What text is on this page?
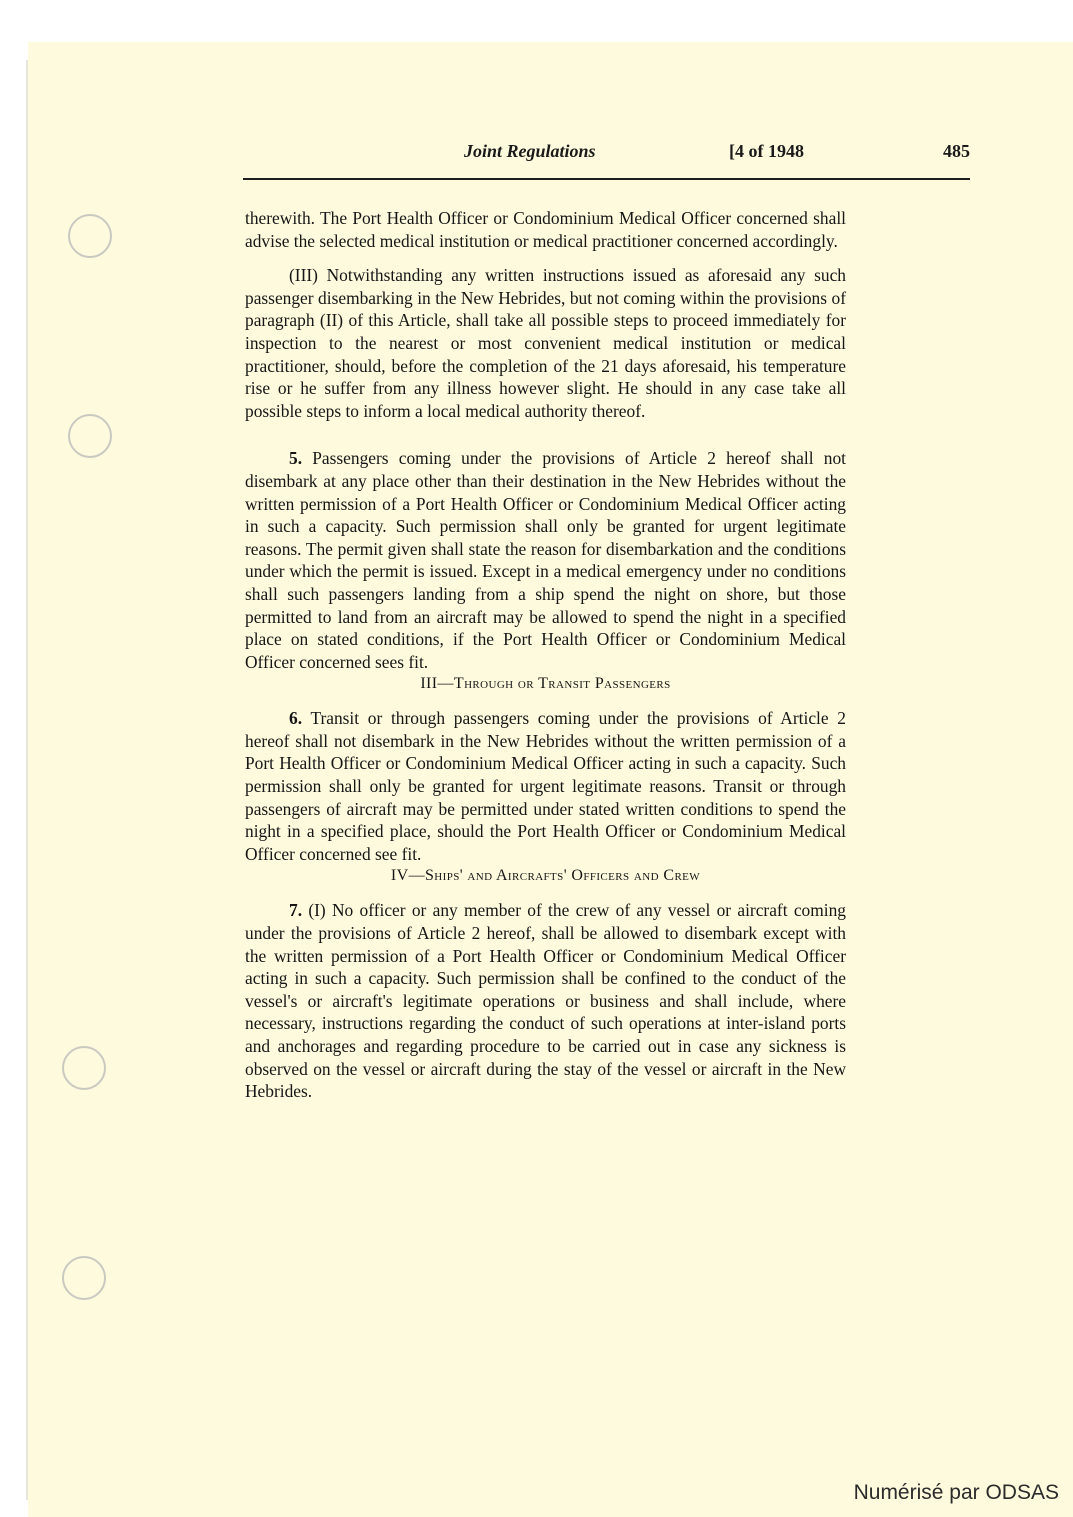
Joint Regulations	[4 of 1948	485

therewith. The Port Health Officer or Condominium Medical Officer concerned shall advise the selected medical institution or medical practitioner concerned accordingly.

(III) Notwithstanding any written instructions issued as aforesaid any such passenger disembarking in the New Hebrides, but not coming within the provisions of paragraph (II) of this Article, shall take all possible steps to proceed immediately for inspection to the nearest or most convenient medical institution or medical practitioner, should, before the completion of the 21 days aforesaid, his temperature rise or he suffer from any illness however slight. He should in any case take all possible steps to inform a local medical authority thereof.

5. Passengers coming under the provisions of Article 2 hereof shall not disembark at any place other than their destination in the New Hebrides without the written permission of a Port Health Officer or Condominium Medical Officer acting in such a capacity. Such permission shall only be granted for urgent legitimate reasons. The permit given shall state the reason for disembarkation and the conditions under which the permit is issued. Except in a medical emergency under no conditions shall such passengers landing from a ship spend the night on shore, but those permitted to land from an aircraft may be allowed to spend the night in a specified place on stated conditions, if the Port Health Officer or Condominium Medical Officer concerned sees fit.

III—Through or Transit Passengers

6. Transit or through passengers coming under the provisions of Article 2 hereof shall not disembark in the New Hebrides without the written permission of a Port Health Officer or Condominium Medical Officer acting in such a capacity. Such permission shall only be granted for urgent legitimate reasons. Transit or through passengers of aircraft may be permitted under stated written conditions to spend the night in a specified place, should the Port Health Officer or Condominium Medical Officer concerned see fit.

IV—Ships' and Aircrafts' Officers and Crew

7. (I) No officer or any member of the crew of any vessel or aircraft coming under the provisions of Article 2 hereof, shall be allowed to disembark except with the written permission of a Port Health Officer or Condominium Medical Officer acting in such a capacity. Such permission shall be confined to the conduct of the vessel's or aircraft's legitimate operations or business and shall include, where necessary, instructions regarding the conduct of such operations at inter-island ports and anchorages and regarding procedure to be carried out in case any sickness is observed on the vessel or aircraft during the stay of the vessel or aircraft in the New Hebrides.

Numérisé par ODSAS
